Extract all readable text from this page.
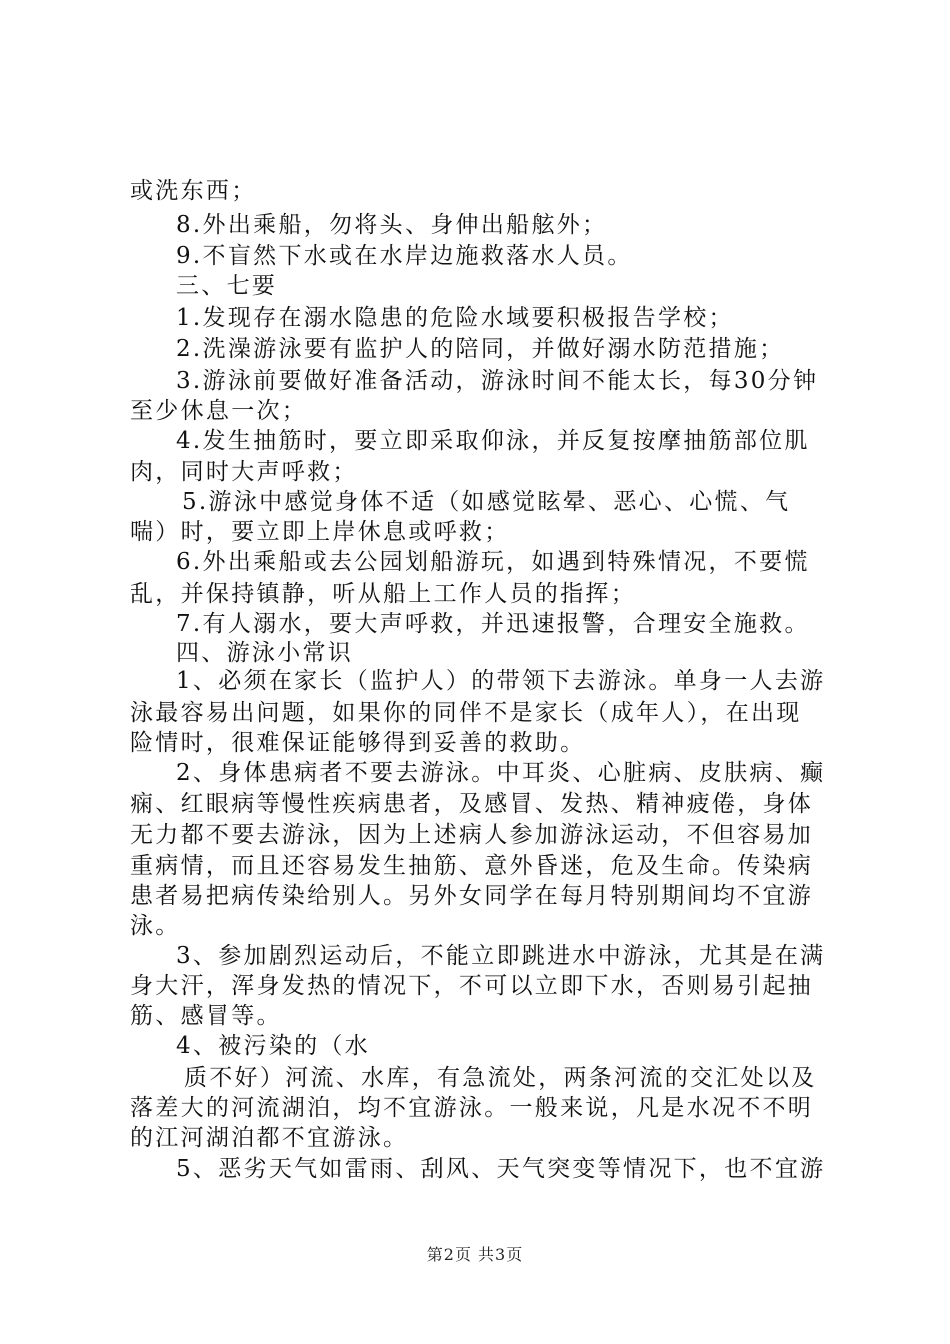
或洗东西；
8.外出乘船，勿将头、身伸出船舷外；
9.不盲然下水或在水岸边施救落水人员。
三、七要
1.发现存在溺水隐患的危险水域要积极报告学校；
2.洗澡游泳要有监护人的陪同，并做好溺水防范措施；
3.游泳前要做好准备活动，游泳时间不能太长，每30分钟
至少休息一次；
4.发生抽筋时，要立即采取仰泳，并反复按摩抽筋部位肌
肉，同时大声呼救；
5.游泳中感觉身体不适（如感觉眩晕、恶心、心慌、气
喘）时，要立即上岸休息或呼救；
6.外出乘船或去公园划船游玩，如遇到特殊情况，不要慌
乱，并保持镇静，听从船上工作人员的指挥；
7.有人溺水，要大声呼救，并迅速报警，合理安全施救。
四、游泳小常识
1、必须在家长（监护人）的带领下去游泳。单身一人去游
泳最容易出问题，如果你的同伴不是家长（成年人），在出现
险情时，很难保证能够得到妥善的救助。
2、身体患病者不要去游泳。中耳炎、心脏病、皮肤病、癫
痫、红眼病等慢性疾病患者，及感冒、发热、精神疲倦，身体
无力都不要去游泳，因为上述病人参加游泳运动，不但容易加
重病情，而且还容易发生抽筋、意外昏迷，危及生命。传染病
患者易把病传染给别人。另外女同学在每月特别期间均不宜游
泳。
3、参加剧烈运动后，不能立即跳进水中游泳，尤其是在满
身大汗，浑身发热的情况下，不可以立即下水，否则易引起抽
筋、感冒等。
4、被污染的（水
质不好）河流、水库，有急流处，两条河流的交汇处以及
落差大的河流湖泊，均不宜游泳。一般来说，凡是水况不不明
的江河湖泊都不宜游泳。
5、恶劣天气如雷雨、刮风、天气突变等情况下，也不宜游
第2页 共3页
